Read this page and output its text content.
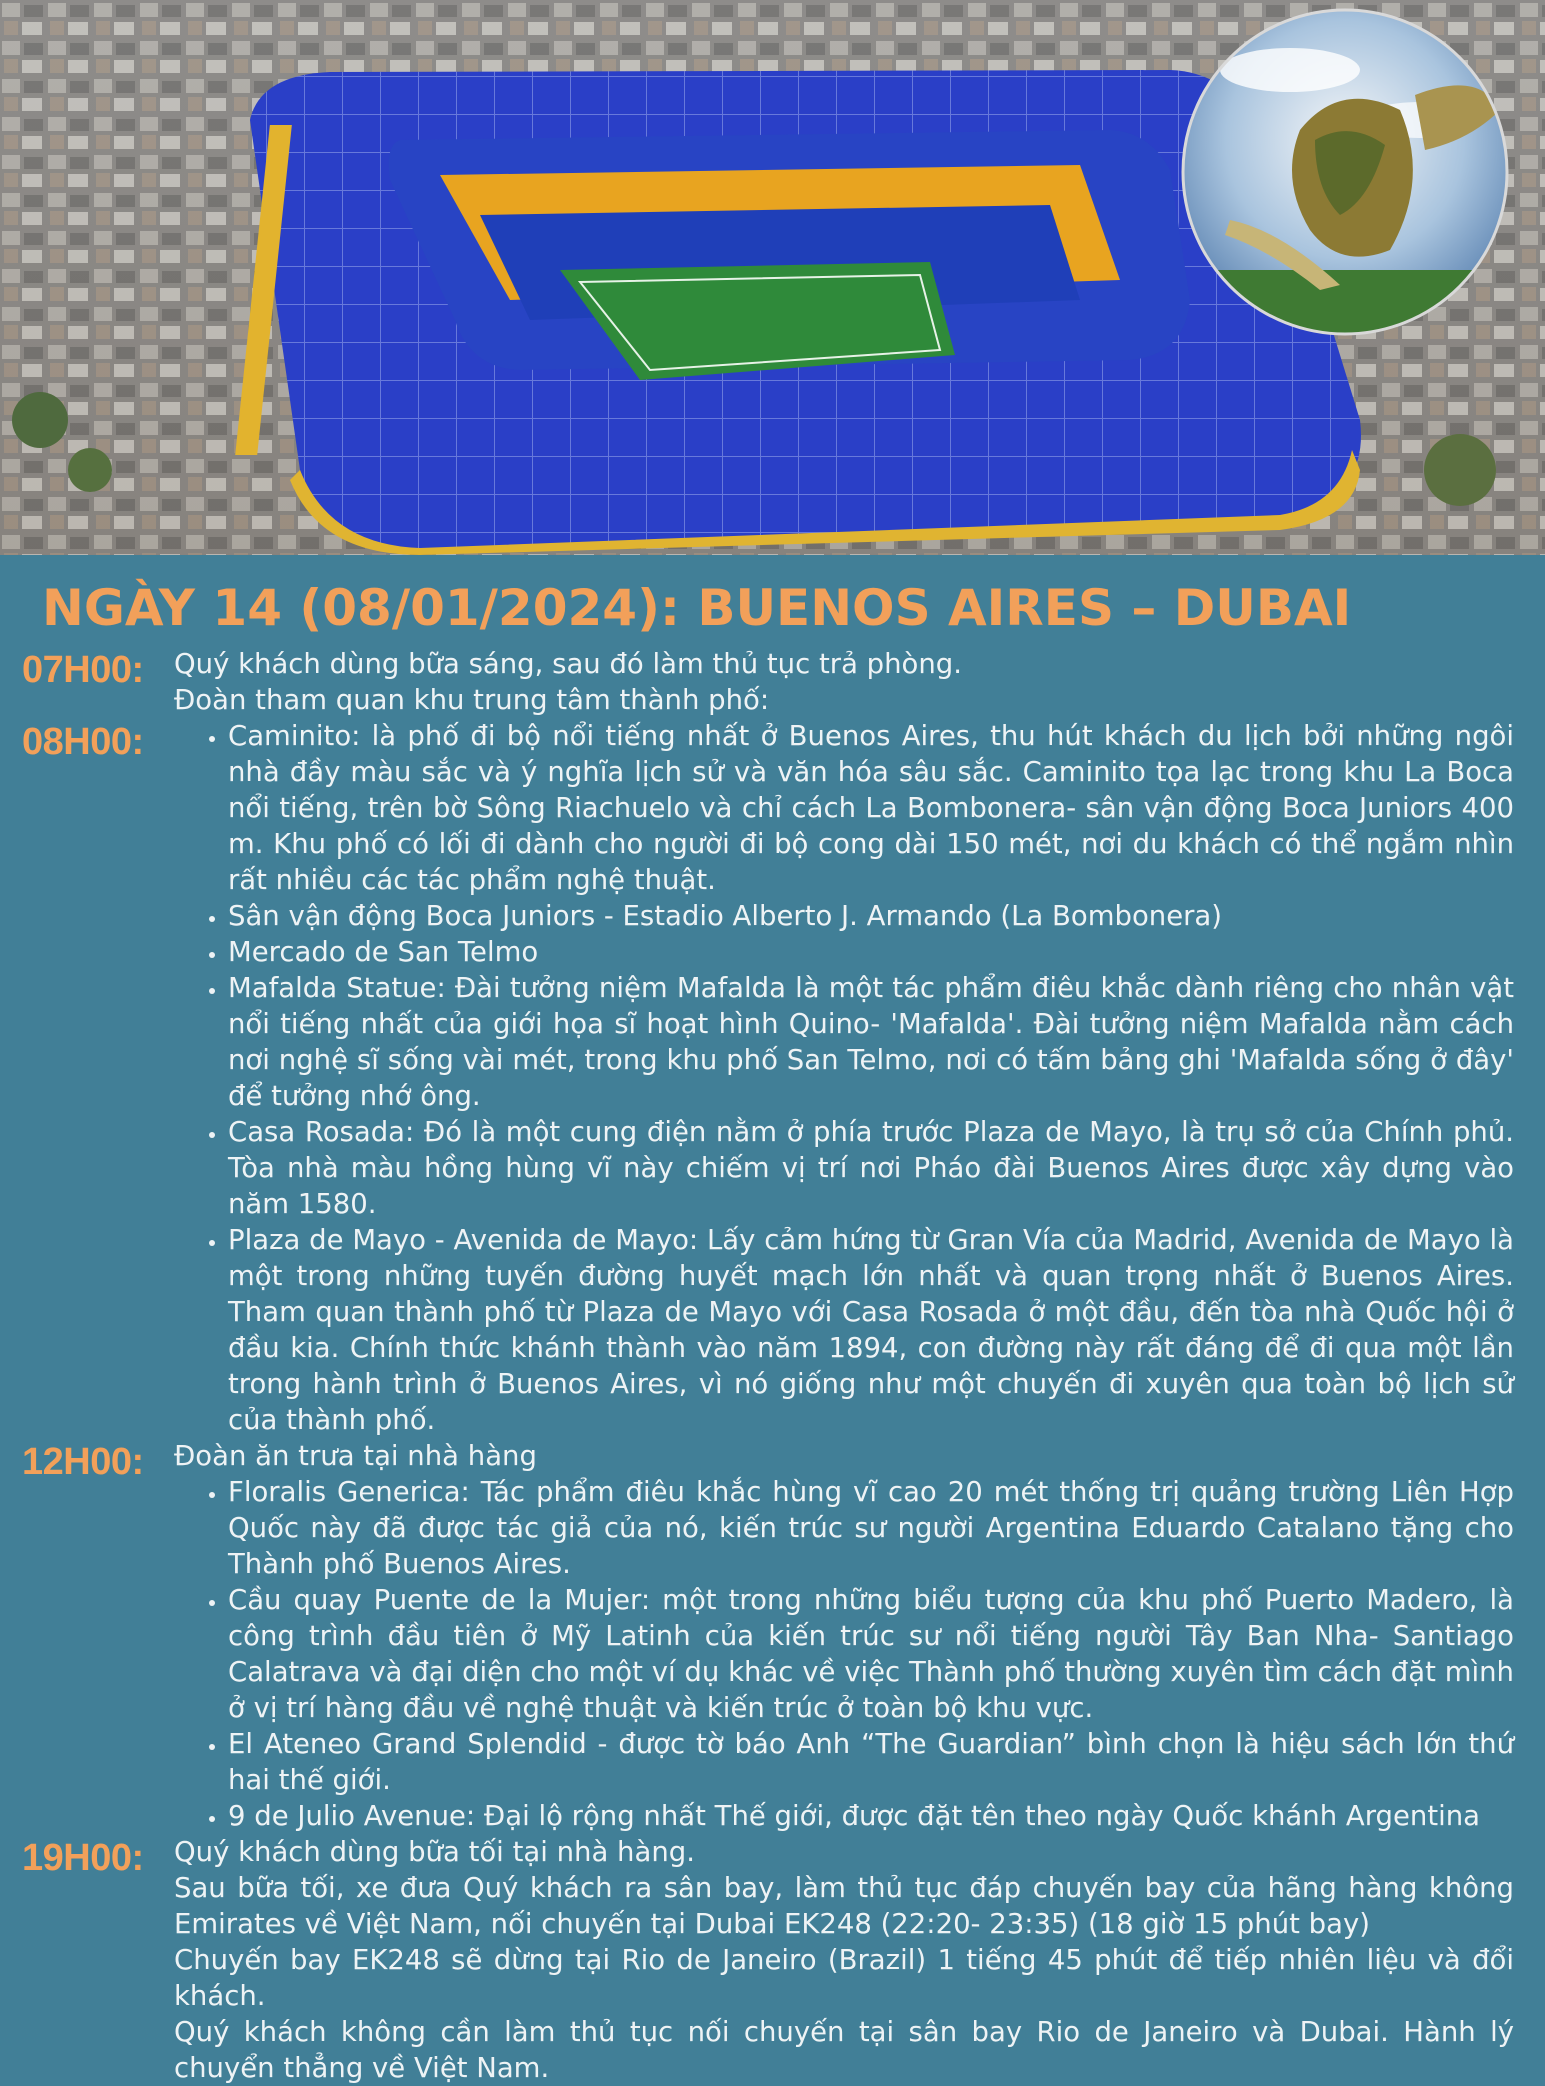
NGÀY 14 (08/01/2024): BUENOS AIRES – DUBAI
07H00:	Quý khách dùng bữa sáng, sau đó làm thủ tục trả phòng.

Đoàn tham quan khu trung tâm thành phố:

08H00:
•	Caminito: là phố đi bộ nổi tiếng nhất ở Buenos Aires, thu hút khách du lịch bởi những ngôi nhà đầy màu sắc và ý nghĩa lịch sử và văn hóa sâu sắc. Caminito tọa lạc trong khu La Boca nổi tiếng, trên bờ Sông Riachuelo và chỉ cách La Bombonera- sân vận động Boca Juniors 400 m. Khu phố có lối đi dành cho người đi bộ cong dài 150 mét, nơi du khách có thể ngắm nhìn rất nhiều các tác phẩm nghệ thuật.
• Sân vận động Boca Juniors - Estadio Alberto J. Armando (La Bombonera)
• Mercado de San Telmo
• Mafalda Statue: Đài tưởng niệm Mafalda là một tác phẩm điêu khắc dành riêng cho nhân vật nổi tiếng nhất của giới họa sĩ hoạt hình Quino- 'Mafalda'. Đài tưởng niệm Mafalda nằm cách nơi nghệ sĩ sống vài mét, trong khu phố San Telmo, nơi có tấm bảng ghi 'Mafalda sống ở đây' để tưởng nhớ ông.
• Casa Rosada: Đó là một cung điện nằm ở phía trước Plaza de Mayo, là trụ sở của Chính phủ. Tòa nhà màu hồng hùng vĩ này chiếm vị trí nơi Pháo đài Buenos Aires được xây dựng vào năm 1580.
• Plaza de Mayo - Avenida de Mayo: Lấy cảm hứng từ Gran Vía của Madrid, Avenida de Mayo là một trong những tuyến đường huyết mạch lớn nhất và quan trọng nhất ở Buenos Aires. Tham quan thành phố từ Plaza de Mayo với Casa Rosada ở một đầu, đến tòa nhà Quốc hội ở đầu kia. Chính thức khánh thành vào năm 1894, con đường này rất đáng để đi qua một lần trong hành trình ở Buenos Aires, vì nó giống như một chuyến đi xuyên qua toàn bộ lịch sử của thành phố.
12H00:	Đoàn ăn trưa tại nhà hàng

• Floralis Generica: Tác phẩm điêu khắc hùng vĩ cao 20 mét thống trị quảng trường Liên Hợp Quốc này đã được tác giả của nó, kiến trúc sư người Argentina Eduardo Catalano tặng cho Thành phố Buenos Aires.
• Cầu quay Puente de la Mujer: một trong những biểu tượng của khu phố Puerto Madero, là công trình đầu tiên ở Mỹ Latinh của kiến trúc sư nổi tiếng người Tây Ban Nha- Santiago Calatrava và đại diện cho một ví dụ khác về việc Thành phố thường xuyên tìm cách đặt mình ở vị trí hàng đầu về nghệ thuật và kiến trúc ở toàn bộ khu vực.
• El Ateneo Grand Splendid - được tờ báo Anh “The Guardian” bình chọn là hiệu sách lớn thứ hai thế giới.
• 9 de Julio Avenue: Đại lộ rộng nhất Thế giới, được đặt tên theo ngày Quốc khánh Argentina
19H00:	Quý khách dùng bữa tối tại nhà hàng.

Sau bữa tối, xe đưa Quý khách ra sân bay, làm thủ tục đáp chuyến bay của hãng hàng không Emirates về Việt Nam, nối chuyến tại Dubai EK248 (22:20- 23:35) (18 giờ 15 phút bay)

Chuyến bay EK248 sẽ dừng tại Rio de Janeiro (Brazil) 1 tiếng 45 phút để tiếp nhiên liệu và đổi khách.

Quý khách không cần làm thủ tục nối chuyến tại sân bay Rio de Janeiro và Dubai. Hành lý chuyển thẳng về Việt Nam.
